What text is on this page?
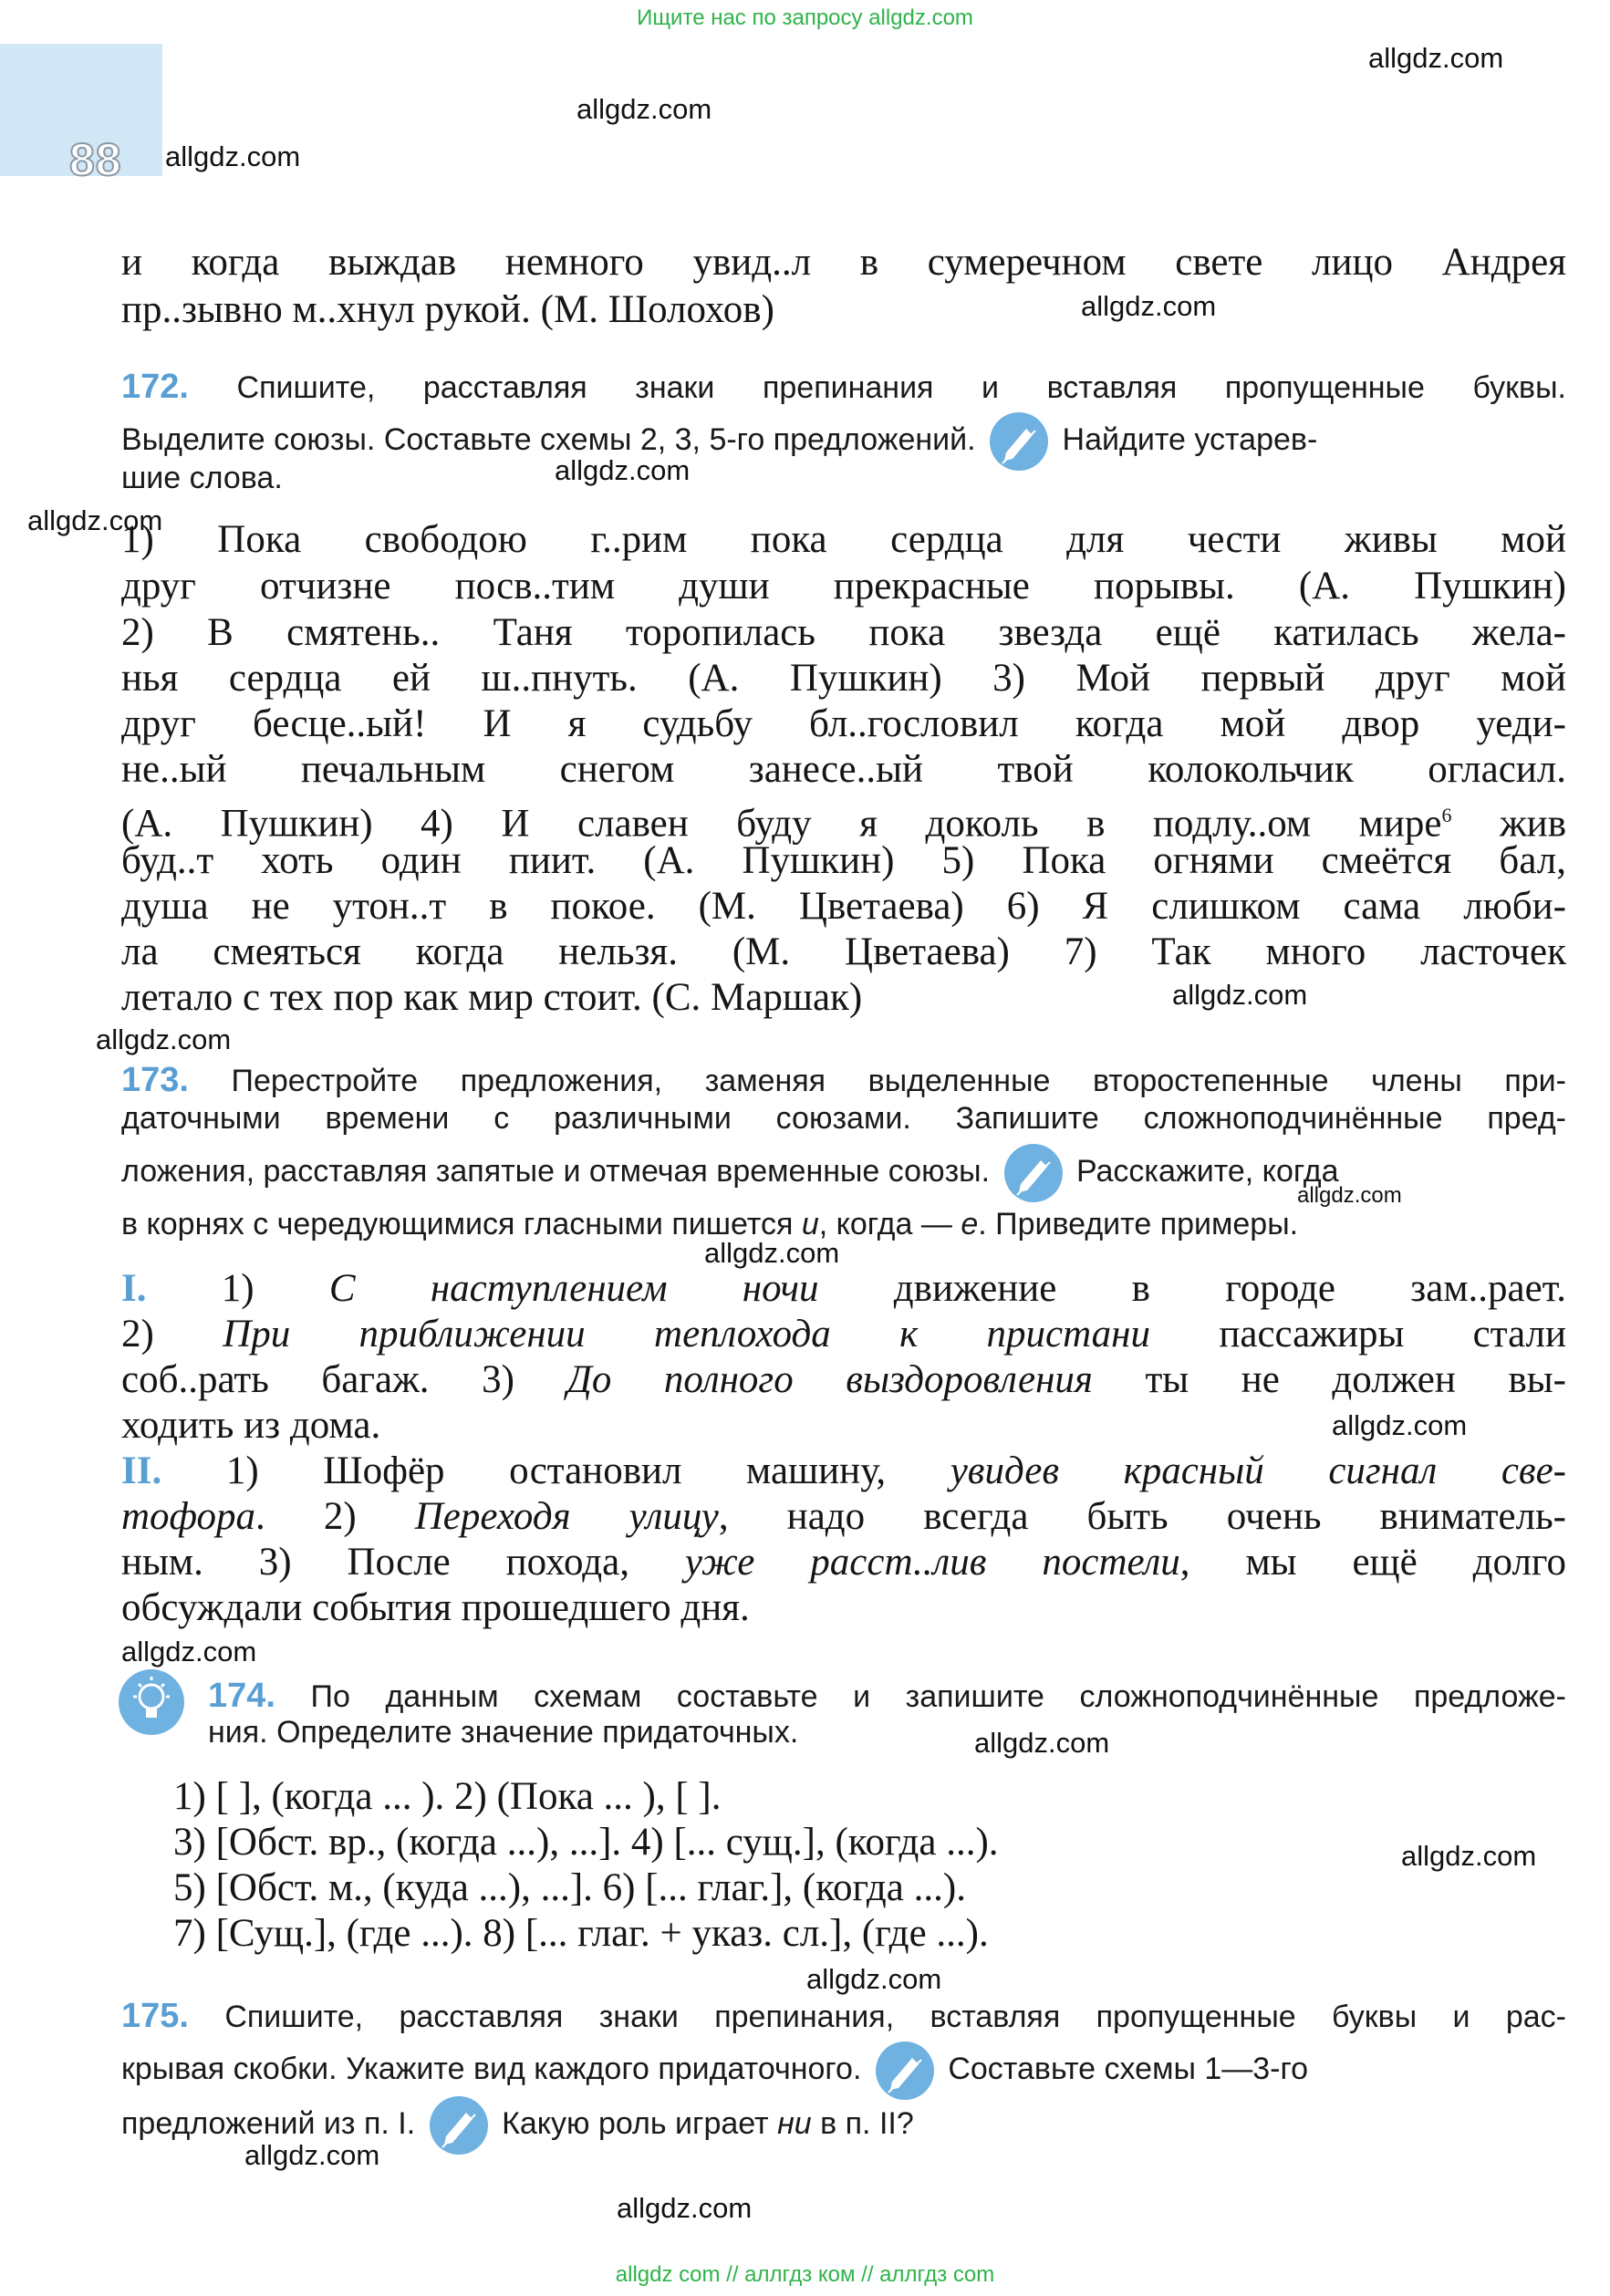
Ищите нас по запросу allgdz.com
88
allgdz.com
allgdz.com
allgdz.com
allgdz.com
allgdz.com
allgdz.com
allgdz.com
allgdz.com
allgdz.com
allgdz.com
allgdz.com
allgdz.com
allgdz.com
allgdz.com
allgdz.com
allgdz.com
allgdz.com
и когда выждав немного увид..л в сумеречном свете лицо Андрея
пр..зывно м..хнул рукой. (М. Шолохов)
172. Спишите, расставляя знаки препинания и вставляя пропущенные буквы.
Выделите союзы. Составьте схемы 2, 3, 5-го предложений.	Найдите устарев-
шие слова.
1) Пока свободою г..рим пока сердца для чести живы мой
друг отчизне посв..тим души прекрасные порывы. (А. Пушкин)
2) В смятень.. Таня торопилась пока звезда ещё катилась жела-
нья сердца ей ш..пнуть. (А. Пушкин) 3) Мой первый друг мой
друг бесце..ый! И я судьбу бл..гословил когда мой двор уеди-
не..ый печальным снегом занесе..ый твой колокольчик огласил.
(А. Пушкин) 4) И славен буду я доколь в подлу..ом мире$^6$ жив
буд..т хоть один пиит. (А. Пушкин) 5) Пока огнями смеётся бал,
душа не утон..т в покое. (М. Цветаева) 6) Я слишком сама люби-
ла смеяться когда нельзя. (М. Цветаева) 7) Так много ласточек
летало с тех пор как мир стоит. (С. Маршак)
173. Перестройте предложения, заменяя выделенные второстепенные члены при-
даточными времени с различными союзами. Запишите сложноподчинённые пред-
ложения, расставляя запятые и отмечая временные союзы.	Расскажите, когда
в корнях с чередующимися гласными пишется и, когда — е. Приведите примеры.
I. 1) С наступлением ночи движение в городе зам..рает.
2) При приближении теплохода к пристани пассажиры стали
соб..рать багаж. 3) До полного выздоровления ты не должен вы-
ходить из дома.
II. 1) Шофёр остановил машину, увидев красный сигнал све-
тофора. 2) Переходя улицу, надо всегда быть очень вниматель-
ным. 3) После похода, уже расст..лив постели, мы ещё долго
обсуждали события прошедшего дня.
174. По данным схемам составьте и запишите сложноподчинённые предложе-
ния. Определите значение придаточных.
1) [ ], (когда ... ). 2) (Пока ... ), [ ].
3) [Обст. вр., (когда ...), ...]. 4) [... сущ.], (когда ...).
5) [Обст. м., (куда ...), ...]. 6) [... глаг.], (когда ...).
7) [Сущ.], (где ...). 8) [... глаг. + указ. сл.], (где ...).
175. Спишите, расставляя знаки препинания, вставляя пропущенные буквы и рас-
крывая скобки. Укажите вид каждого придаточного.	Составьте схемы 1—3-го
предложений из п. I.	Какую роль играет ни в п. II?
allgdz com // аллгдз ком // аллгдз com
